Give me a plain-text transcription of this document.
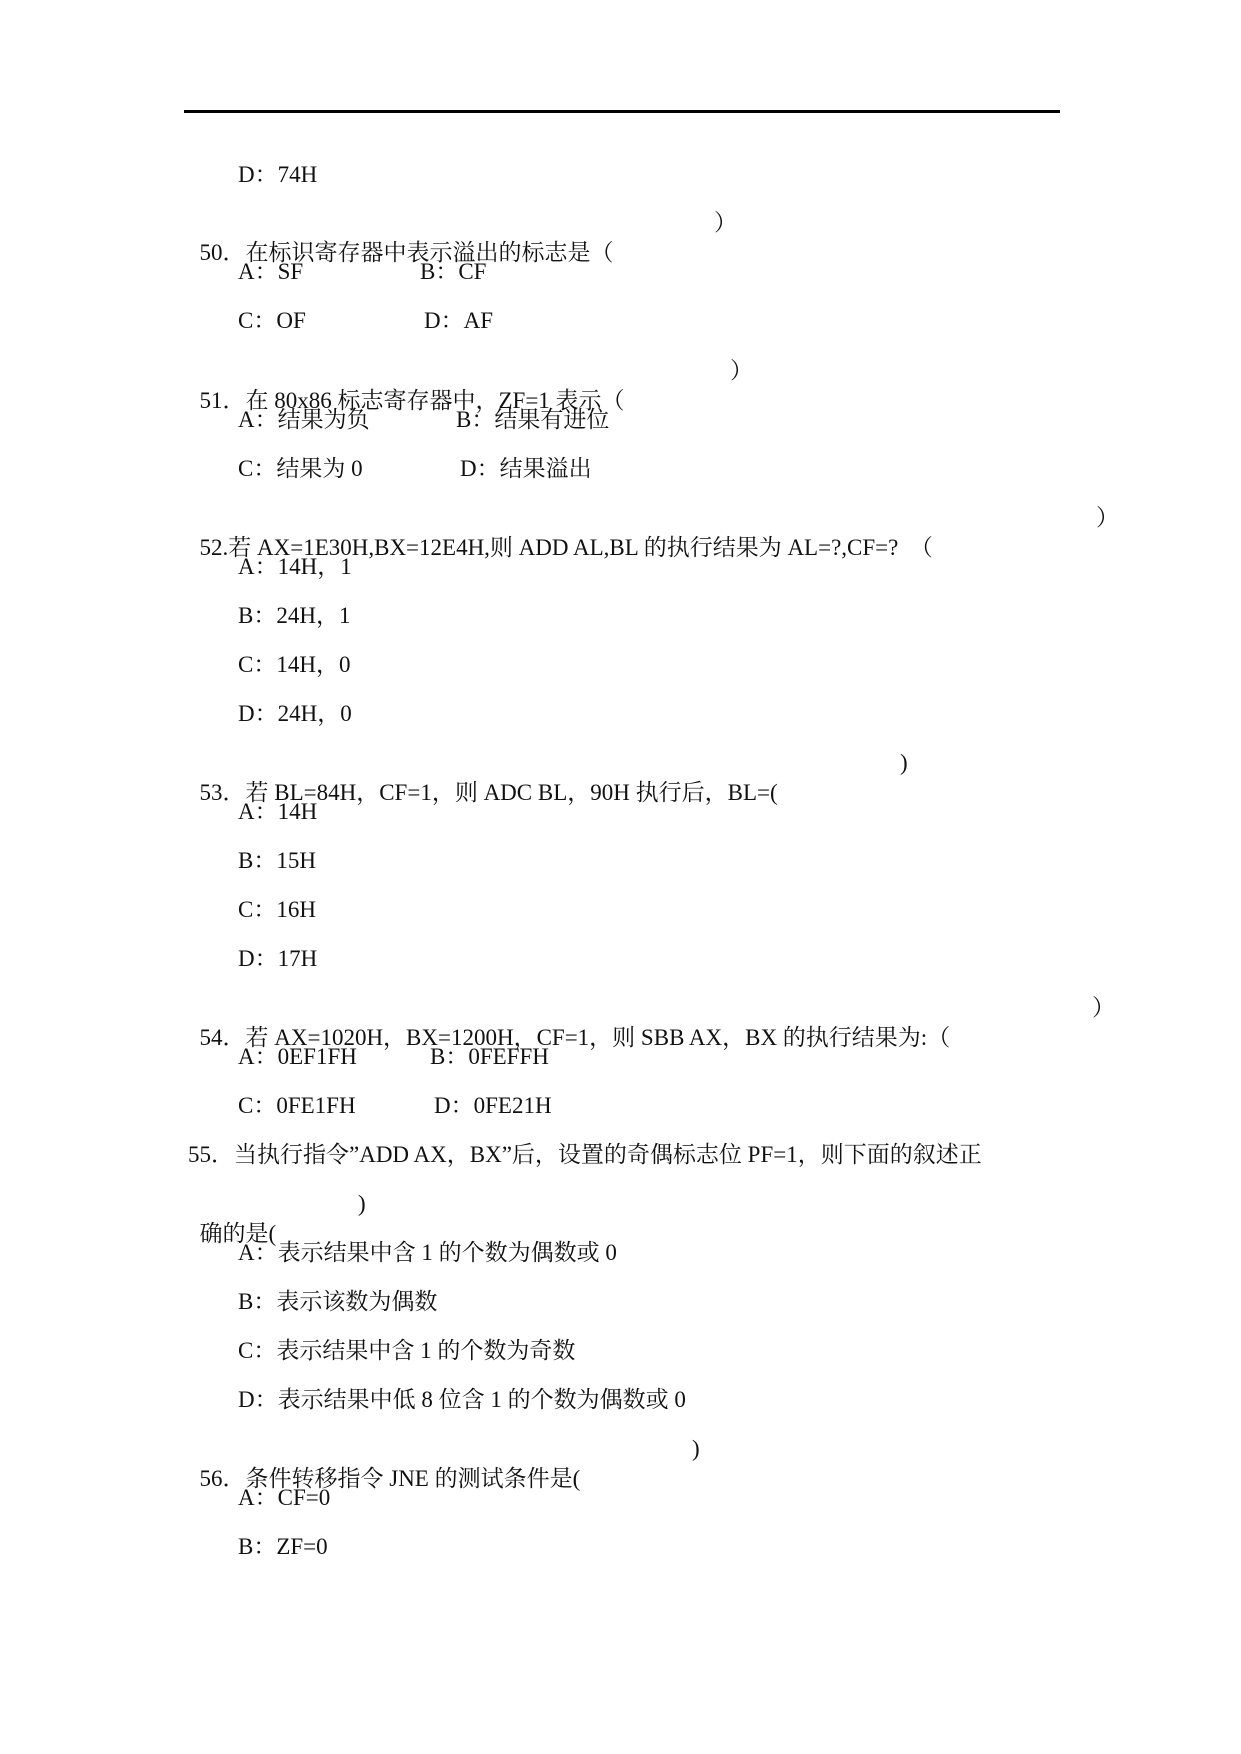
D：74H

50．在标识寄存器中表示溢出的标志是（
）

A：SF

	B：CF

C：OF

	D：AF

51．在 80x86 标志寄存器中，ZF=1 表示（
）

A：结果为负

	B：结果有进位

C：结果为 0

	D：结果溢出

52.若 AX=1E30H,BX=12E4H,则 ADD AL,BL 的执行结果为 AL=?,CF=?  （
）

A：14H，1
B：24H，1
C：14H，0
D：24H，0

53．若 BL=84H，CF=1，则 ADC BL，90H 执行后，BL=(
)

A：14H
B：15H
C：16H
D：17H

54．若 AX=1020H，BX=1200H，CF=1，则 SBB AX，BX 的执行结果为:（
）

A：0EF1FH

	B：0FEFFH

C：0FE1FH

	D：0FE21H

55．当执行指令”ADD AX，BX”后，设置的奇偶标志位 PF=1，则下面的叙述正

确的是(
)

A：表示结果中含 1 的个数为偶数或 0
B：表示该数为偶数
C：表示结果中含 1 的个数为奇数
D：表示结果中低 8 位含 1 的个数为偶数或 0

56．条件转移指令 JNE 的测试条件是(
)

A：CF=0
B：ZF=0
